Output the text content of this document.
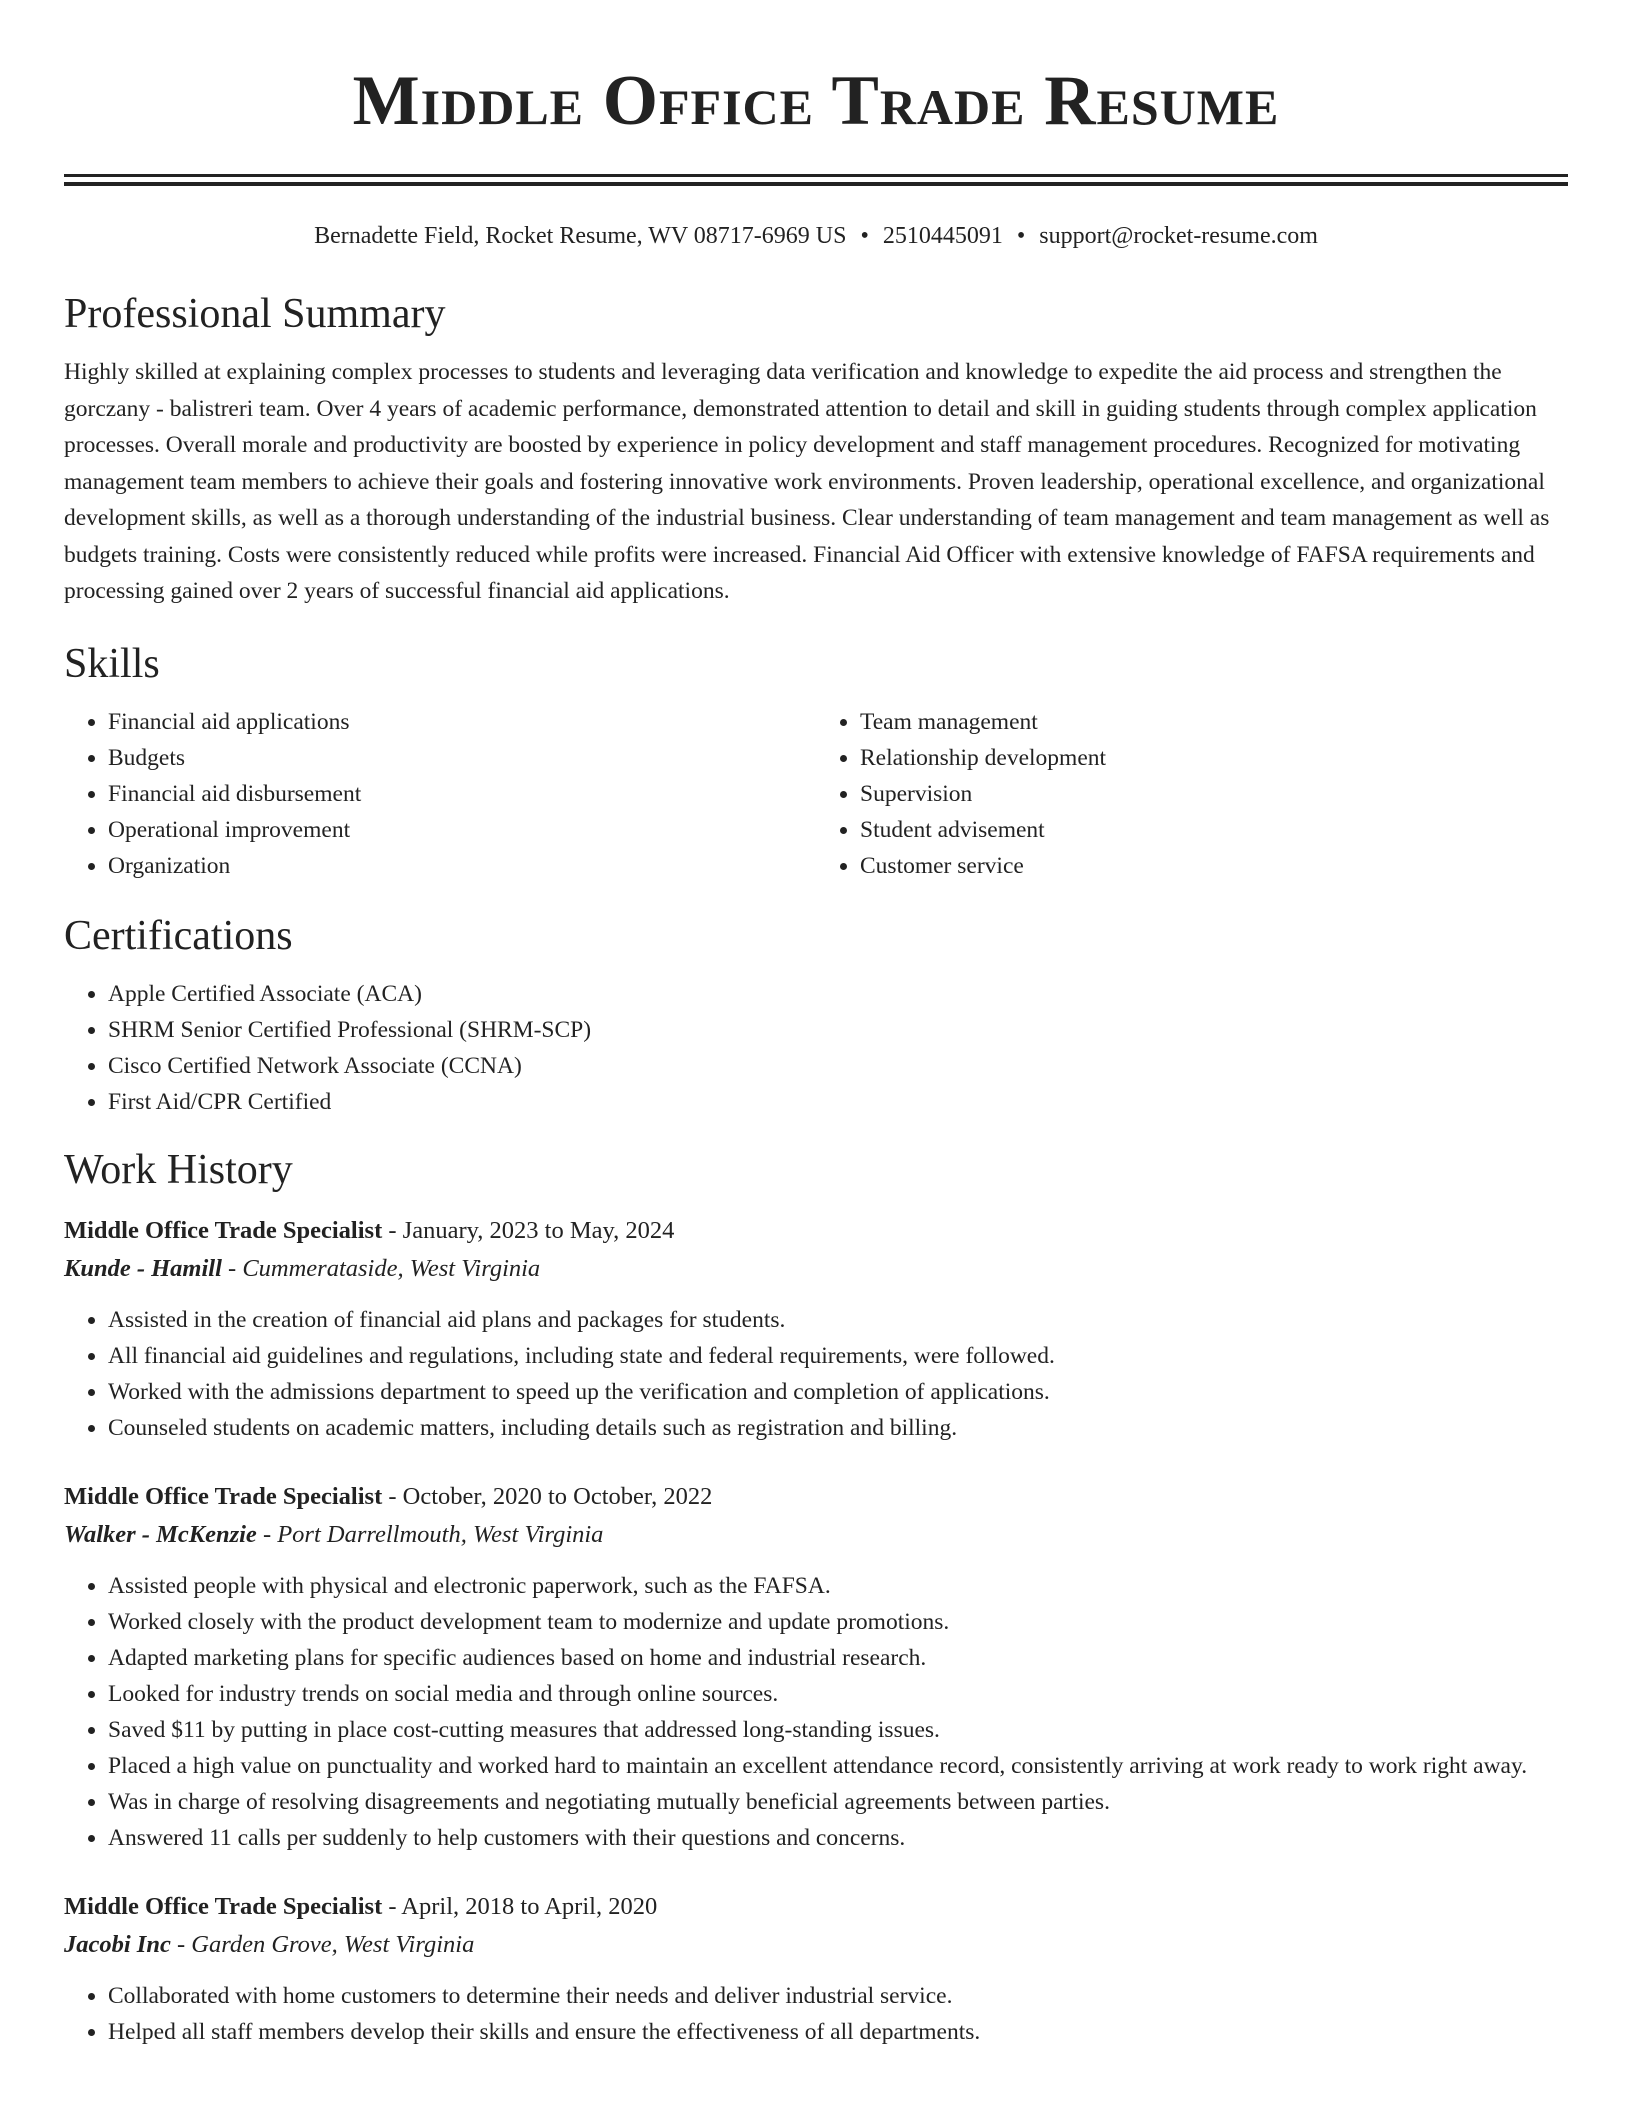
Middle Office Trade Resume
Bernadette Field, Rocket Resume, WV 08717-6969 US • 2510445091 • support@rocket-resume.com
Professional Summary

Highly skilled at explaining complex processes to students and leveraging data verification and knowledge to expedite the aid process and strengthen the gorczany - balistreri team. Over 4 years of academic performance, demonstrated attention to detail and skill in guiding students through complex application processes. Overall morale and productivity are boosted by experience in policy development and staff management procedures. Recognized for motivating management team members to achieve their goals and fostering innovative work environments. Proven leadership, operational excellence, and organizational development skills, as well as a thorough understanding of the industrial business. Clear understanding of team management and team management as well as budgets training. Costs were consistently reduced while profits were increased. Financial Aid Officer with extensive knowledge of FAFSA requirements and processing gained over 2 years of successful financial aid applications.

Skills
• Financial aid applications
• Budgets
• Financial aid disbursement
• Operational improvement
• Organization
• Team management
• Relationship development
• Supervision
• Student advisement
• Customer service
Certifications
• Apple Certified Associate (ACA)
• SHRM Senior Certified Professional (SHRM-SCP)
• Cisco Certified Network Associate (CCNA)
• First Aid/CPR Certified
Work History
Middle Office Trade Specialist - January, 2023 to May, 2024
Kunde - Hamill - Cummerataside, West Virginia
• Assisted in the creation of financial aid plans and packages for students.
• All financial aid guidelines and regulations, including state and federal requirements, were followed.
• Worked with the admissions department to speed up the verification and completion of applications.
• Counseled students on academic matters, including details such as registration and billing.
Middle Office Trade Specialist - October, 2020 to October, 2022
Walker - McKenzie - Port Darrellmouth, West Virginia
• Assisted people with physical and electronic paperwork, such as the FAFSA.
• Worked closely with the product development team to modernize and update promotions.
• Adapted marketing plans for specific audiences based on home and industrial research.
• Looked for industry trends on social media and through online sources.
• Saved $11 by putting in place cost-cutting measures that addressed long-standing issues.
• Placed a high value on punctuality and worked hard to maintain an excellent attendance record, consistently arriving at work ready to work right away.
• Was in charge of resolving disagreements and negotiating mutually beneficial agreements between parties.
• Answered 11 calls per suddenly to help customers with their questions and concerns.
Middle Office Trade Specialist - April, 2018 to April, 2020
Jacobi Inc - Garden Grove, West Virginia
• Collaborated with home customers to determine their needs and deliver industrial service.
• Helped all staff members develop their skills and ensure the effectiveness of all departments.
